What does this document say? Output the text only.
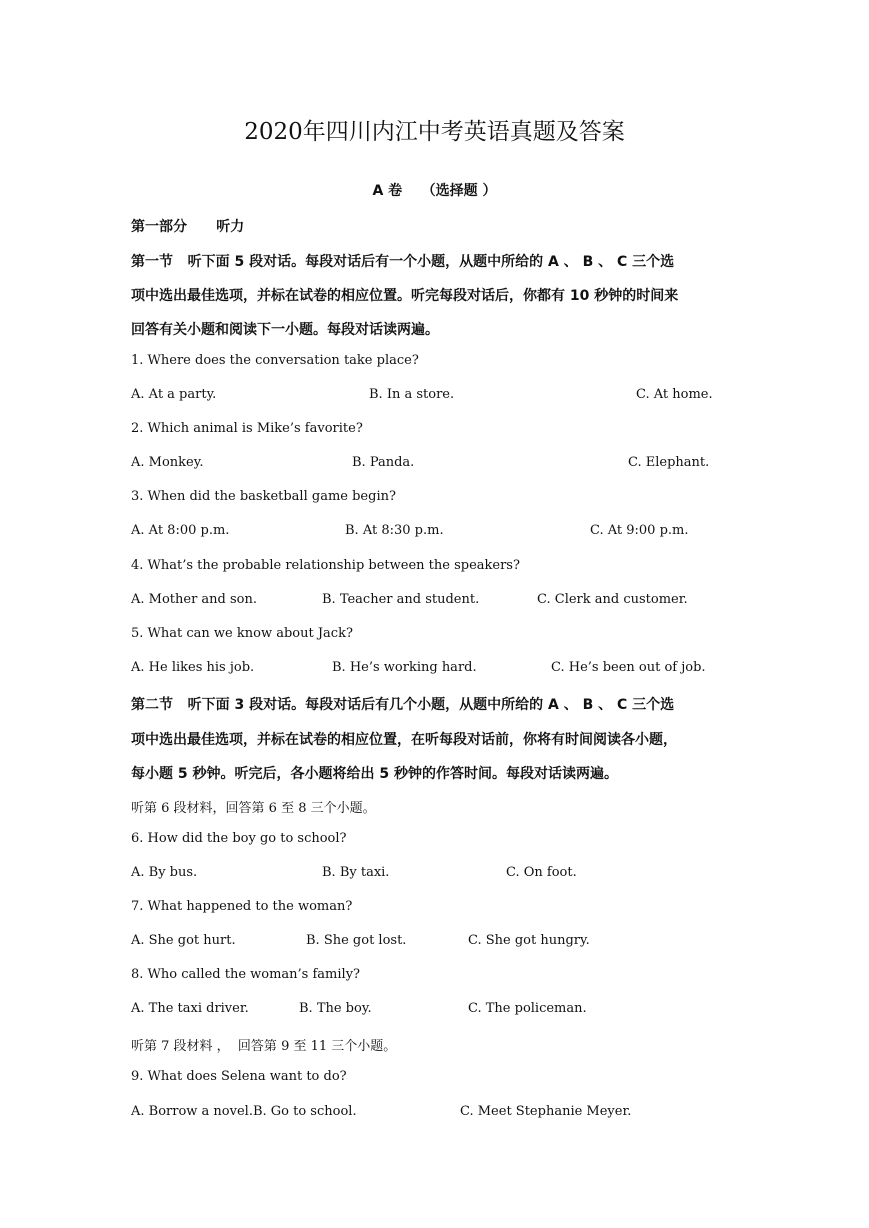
2020年四川内江中考英语真题及答案
A 卷    （选择题 ）
第一部分      听力
第一节   听下面 5 段对话。每段对话后有一个小题，从题中所给的 A 、 B 、 C 三个选
项中选出最佳选项，并标在试卷的相应位置。听完每段对话后，你都有 10 秒钟的时间来
回答有关小题和阅读下一小题。每段对话读两遍。
1. Where does the conversation take place?
A. At a party.	B. In a store.	C. At home.
2. Which animal is Mike’s favorite?
A. Monkey.	B. Panda.	C. Elephant.
3. When did the basketball game begin?
A. At 8:00 p.m.	B. At 8:30 p.m.	C. At 9:00 p.m.
4. What’s the probable relationship between the speakers?
A. Mother and son.	B. Teacher and student.	C. Clerk and customer.
5. What can we know about Jack?
A. He likes his job.	B. He’s working hard.	C. He’s been out of job.
第二节   听下面 3 段对话。每段对话后有几个小题，从题中所给的 A 、 B 、 C 三个选
项中选出最佳选项，并标在试卷的相应位置，在听每段对话前，你将有时间阅读各小题，
每小题 5 秒钟。听完后，各小题将给出 5 秒钟的作答时间。每段对话读两遍。
听第 6 段材料，回答第 6 至 8 三个小题。
6. How did the boy go to school?
A. By bus.	B. By taxi.	C. On foot.
7. What happened to the woman?
A. She got hurt.	B. She got lost.	C. She got hungry.
8. Who called the woman’s family?
A. The taxi driver.	B. The boy.	C. The policeman.
听第 7 段材料 ，  回答第 9 至 11 三个小题。
9. What does Selena want to do?
A. Borrow a novel.B. Go to school.	C. Meet Stephanie Meyer.
